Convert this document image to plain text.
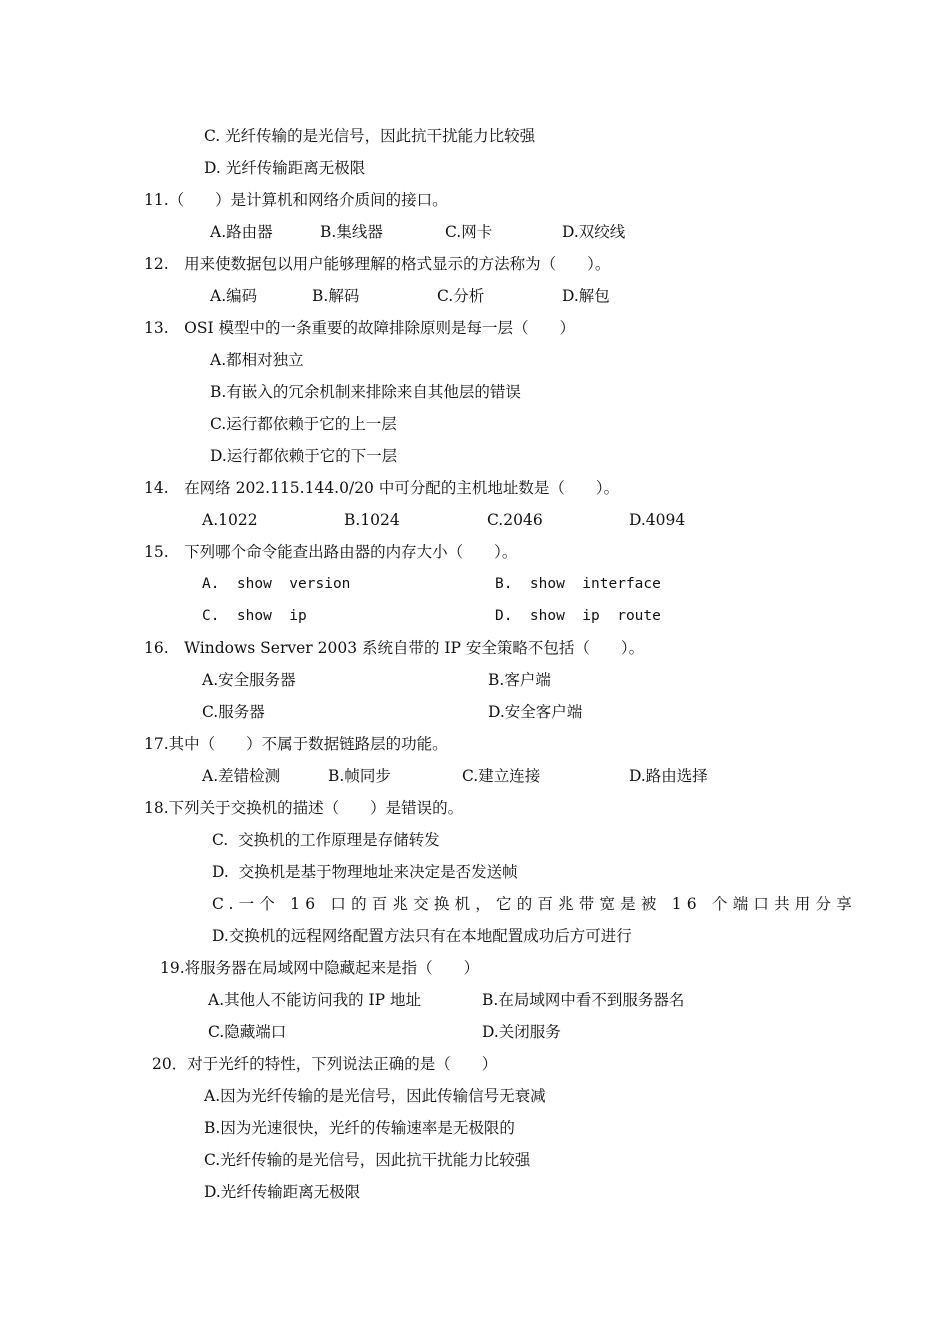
C. 光纤传输的是光信号，因此抗干扰能力比较强
D. 光纤传输距离无极限
11.（　　）是计算机和网络介质间的接口。
A.路由器	B.集线器	C.网卡	D.双绞线
12.　用来使数据包以用户能够理解的格式显示的方法称为（　　）。
A.编码	B.解码	C.分析	D.解包
13.　OSI 模型中的一条重要的故障排除原则是每一层（　　）
A.都相对独立
B.有嵌入的冗余机制来排除来自其他层的错误
C.运行都依赖于它的上一层
D.运行都依赖于它的下一层
14.　在网络 202.115.144.0/20 中可分配的主机地址数是（　　）。
A.1022	B.1024	C.2046	D.4094
15.　下列哪个命令能查出路由器的内存大小（　　）。
A.  show  version	B.  show  interface
C.  show  ip	D.  show  ip  route
16.　Windows Server 2003 系统自带的 IP 安全策略不包括（　　）。
A.安全服务器	B.客户端
C.服务器	D.安全客户端
17.其中（　　）不属于数据链路层的功能。
A.差错检测	B.帧同步	C.建立连接	D.路由选择
18.下列关于交换机的描述（　　）是错误的。
C.  交换机的工作原理是存储转发
D.  交换机是基于物理地址来决定是否发送帧
C.一个 16 口的百兆交换机，它的百兆带宽是被 16 个端口共用分享
D.交换机的远程网络配置方法只有在本地配置成功后方可进行
19.将服务器在局域网中隐藏起来是指（　　）
A.其他人不能访问我的 IP 地址	B.在局域网中看不到服务器名
C.隐藏端口	D.关闭服务
20．对于光纤的特性，下列说法正确的是（　　）
A.因为光纤传输的是光信号，因此传输信号无衰减
B.因为光速很快，光纤的传输速率是无极限的
C.光纤传输的是光信号，因此抗干扰能力比较强
D.光纤传输距离无极限
